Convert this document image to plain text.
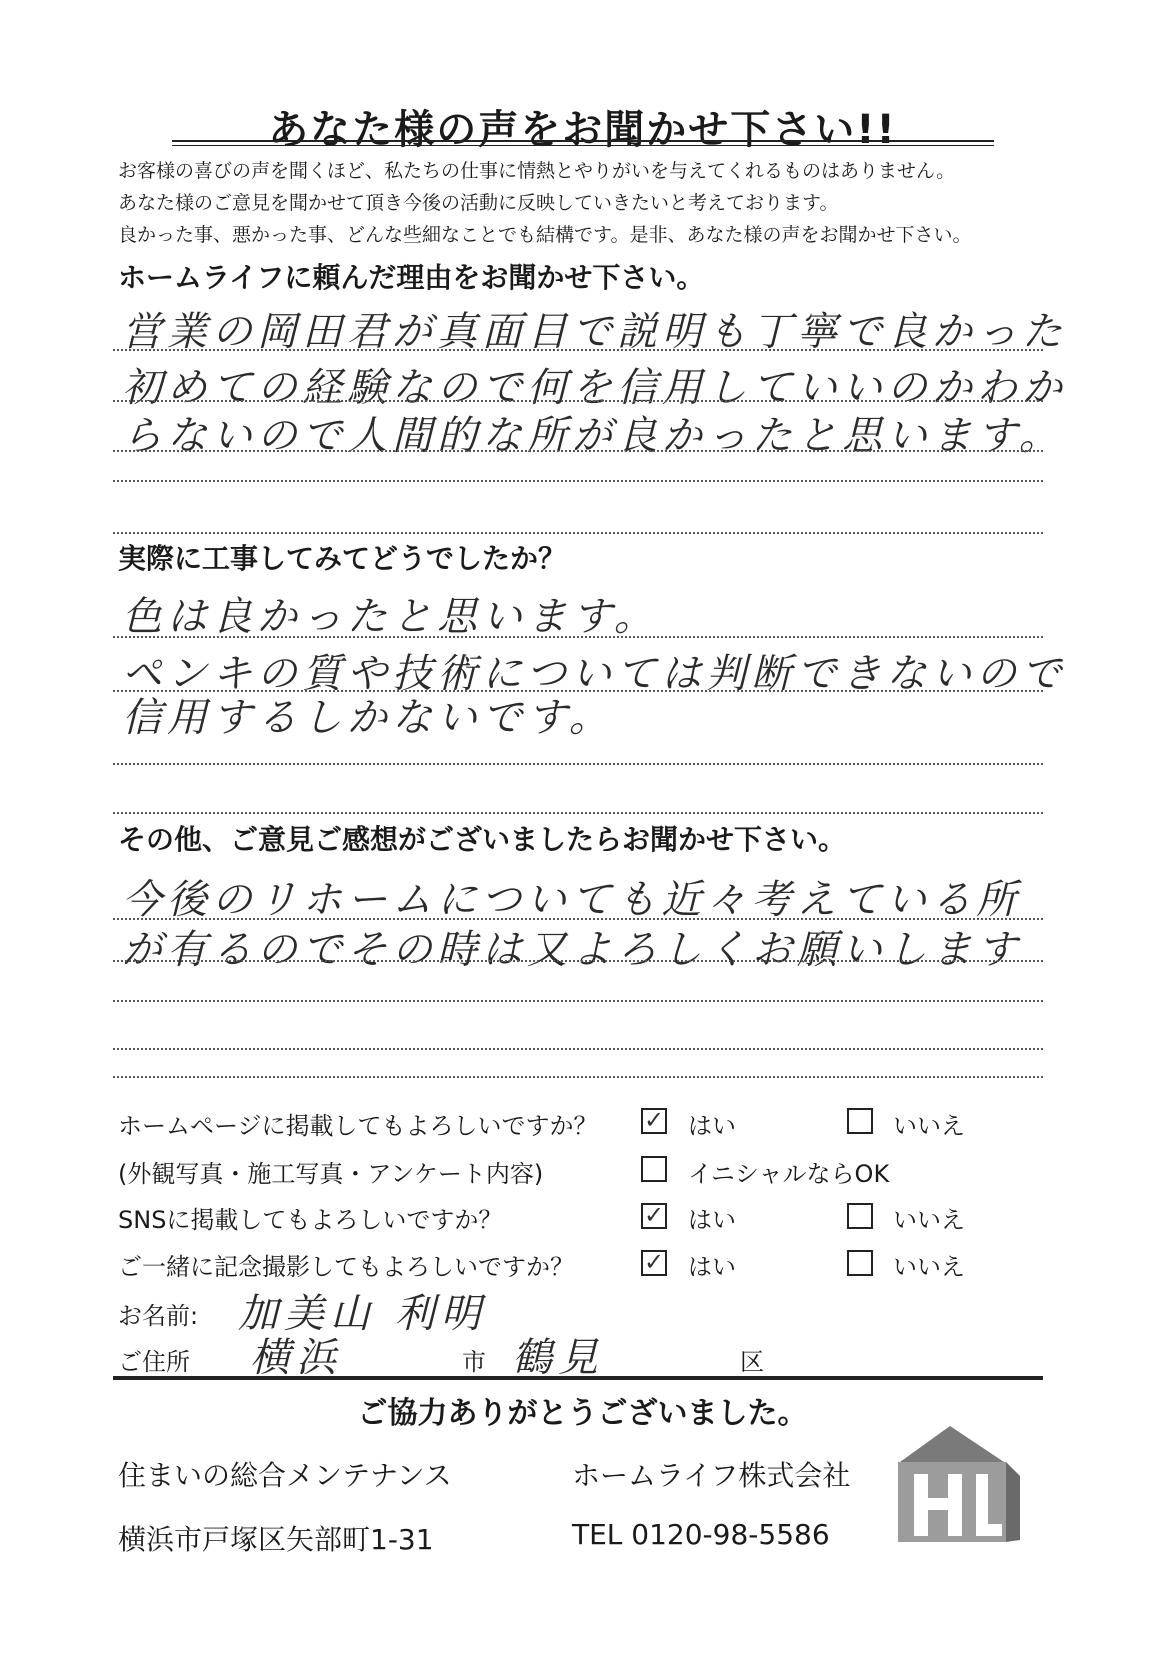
あなた様の声をお聞かせ下さい!!
お客様の喜びの声を聞くほど、私たちの仕事に情熱とやりがいを与えてくれるものはありません。
あなた様のご意見を聞かせて頂き今後の活動に反映していきたいと考えております。
良かった事、悪かった事、どんな些細なことでも結構です。是非、あなた様の声をお聞かせ下さい。
ホームライフに頼んだ理由をお聞かせ下さい。
営業の岡田君が真面目で説明も丁寧で良かった
初めての経験なので何を信用していいのかわか
らないので人間的な所が良かったと思います。
実際に工事してみてどうでしたか？
色は良かったと思います。
ペンキの質や技術については判断できないので
信用するしかないです。
その他、ご意見ご感想がございましたらお聞かせ下さい。
今後のリホームについても近々考えている所
が有るのでその時は又よろしくお願いします
ホームページに掲載してもよろしいですか？ ✓ はい	いいえ
(外観写真・施工写真・アンケート内容)	イニシャルならOK
SNSに掲載してもよろしいですか？	✓ はい	いいえ
ご一緒に記念撮影してもよろしいですか？	✓ はい	いいえ
お名前: 加美山 利明
ご住所 横浜	市 鶴見	区
ご協力ありがとうございました。
住まいの総合メンテナンス	ホームライフ株式会社
横浜市戸塚区矢部町1-31	TEL 0120-98-5586
